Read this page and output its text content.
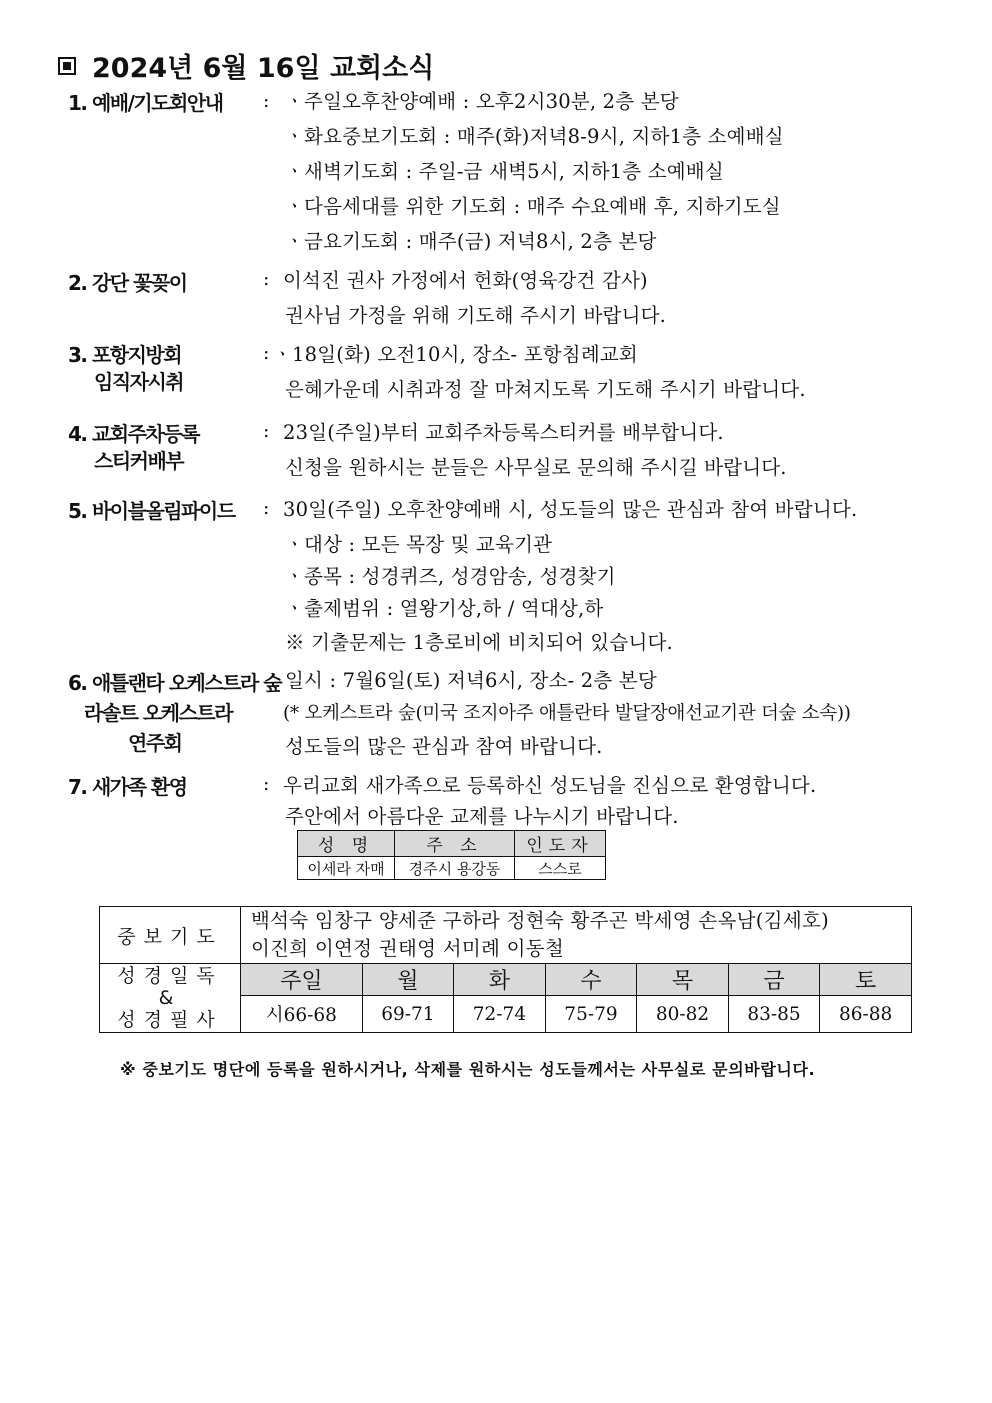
2024년 6월 16일 교회소식
1. 예배/기도회안내 : ㆍ주일오후찬양예배 : 오후2시30분, 2층 본당
ㆍ화요중보기도회 : 매주(화)저녁8-9시, 지하1층 소예배실
ㆍ새벽기도회 : 주일-금 새벽5시, 지하1층 소예배실
ㆍ다음세대를 위한 기도회 : 매주 수요예배 후, 지하기도실
ㆍ금요기도회 : 매주(금) 저녁8시, 2층 본당
2. 강단 꽃꽂이	: 이석진 권사 가정에서 헌화(영육강건 감사)
권사님 가정을 위해 기도해 주시기 바랍니다.
3. 포항지방회
임직자시취
: ㆍ18일(화) 오전10시, 장소- 포항침례교회
은혜가운데 시취과정 잘 마쳐지도록 기도해 주시기 바랍니다.
4. 교회주차등록
스티커배부
: 23일(주일)부터 교회주차등록스티커를 배부합니다.
신청을 원하시는 분들은 사무실로 문의해 주시길 바랍니다.
5. 바이블올림파이드 : 30일(주일) 오후찬양예배 시, 성도들의 많은 관심과 참여 바랍니다.
ㆍ대상 : 모든 목장 및 교육기관
ㆍ종목 : 성경퀴즈, 성경암송, 성경찾기
ㆍ출제범위 : 열왕기상,하 / 역대상,하
※ 기출문제는 1층로비에 비치되어 있습니다.
6. 애틀랜타 오케스트라 숲
라솔트 오케스트라
연주회
일시 : 7월6일(토) 저녁6시, 장소- 2층 본당
(* 오케스트라 숲(미국 조지아주 애틀란타 발달장애선교기관 더숲 소속))
성도들의 많은 관심과 참여 바랍니다.
7. 새가족 환영	: 우리교회 새가족으로 등록하신 성도님을 진심으로 환영합니다.
주안에서 아름다운 교제를 나누시기 바랍니다.
성 명	주 소	인도자
이세라 자매	경주시 용강동	스스로
중보기도	백석숙 임창구 양세준 구하라 정현숙 황주곤 박세영 손옥남(김세호)
이진희 이연정 권태영 서미례 이동철						

성경일독
&
성경필사	주일	월	화	수	목	금	토
	시66-68	69-71	72-74	75-79	80-82	83-85	86-88
※ 중보기도 명단에 등록을 원하시거나, 삭제를 원하시는 성도들께서는 사무실로 문의바랍니다.
